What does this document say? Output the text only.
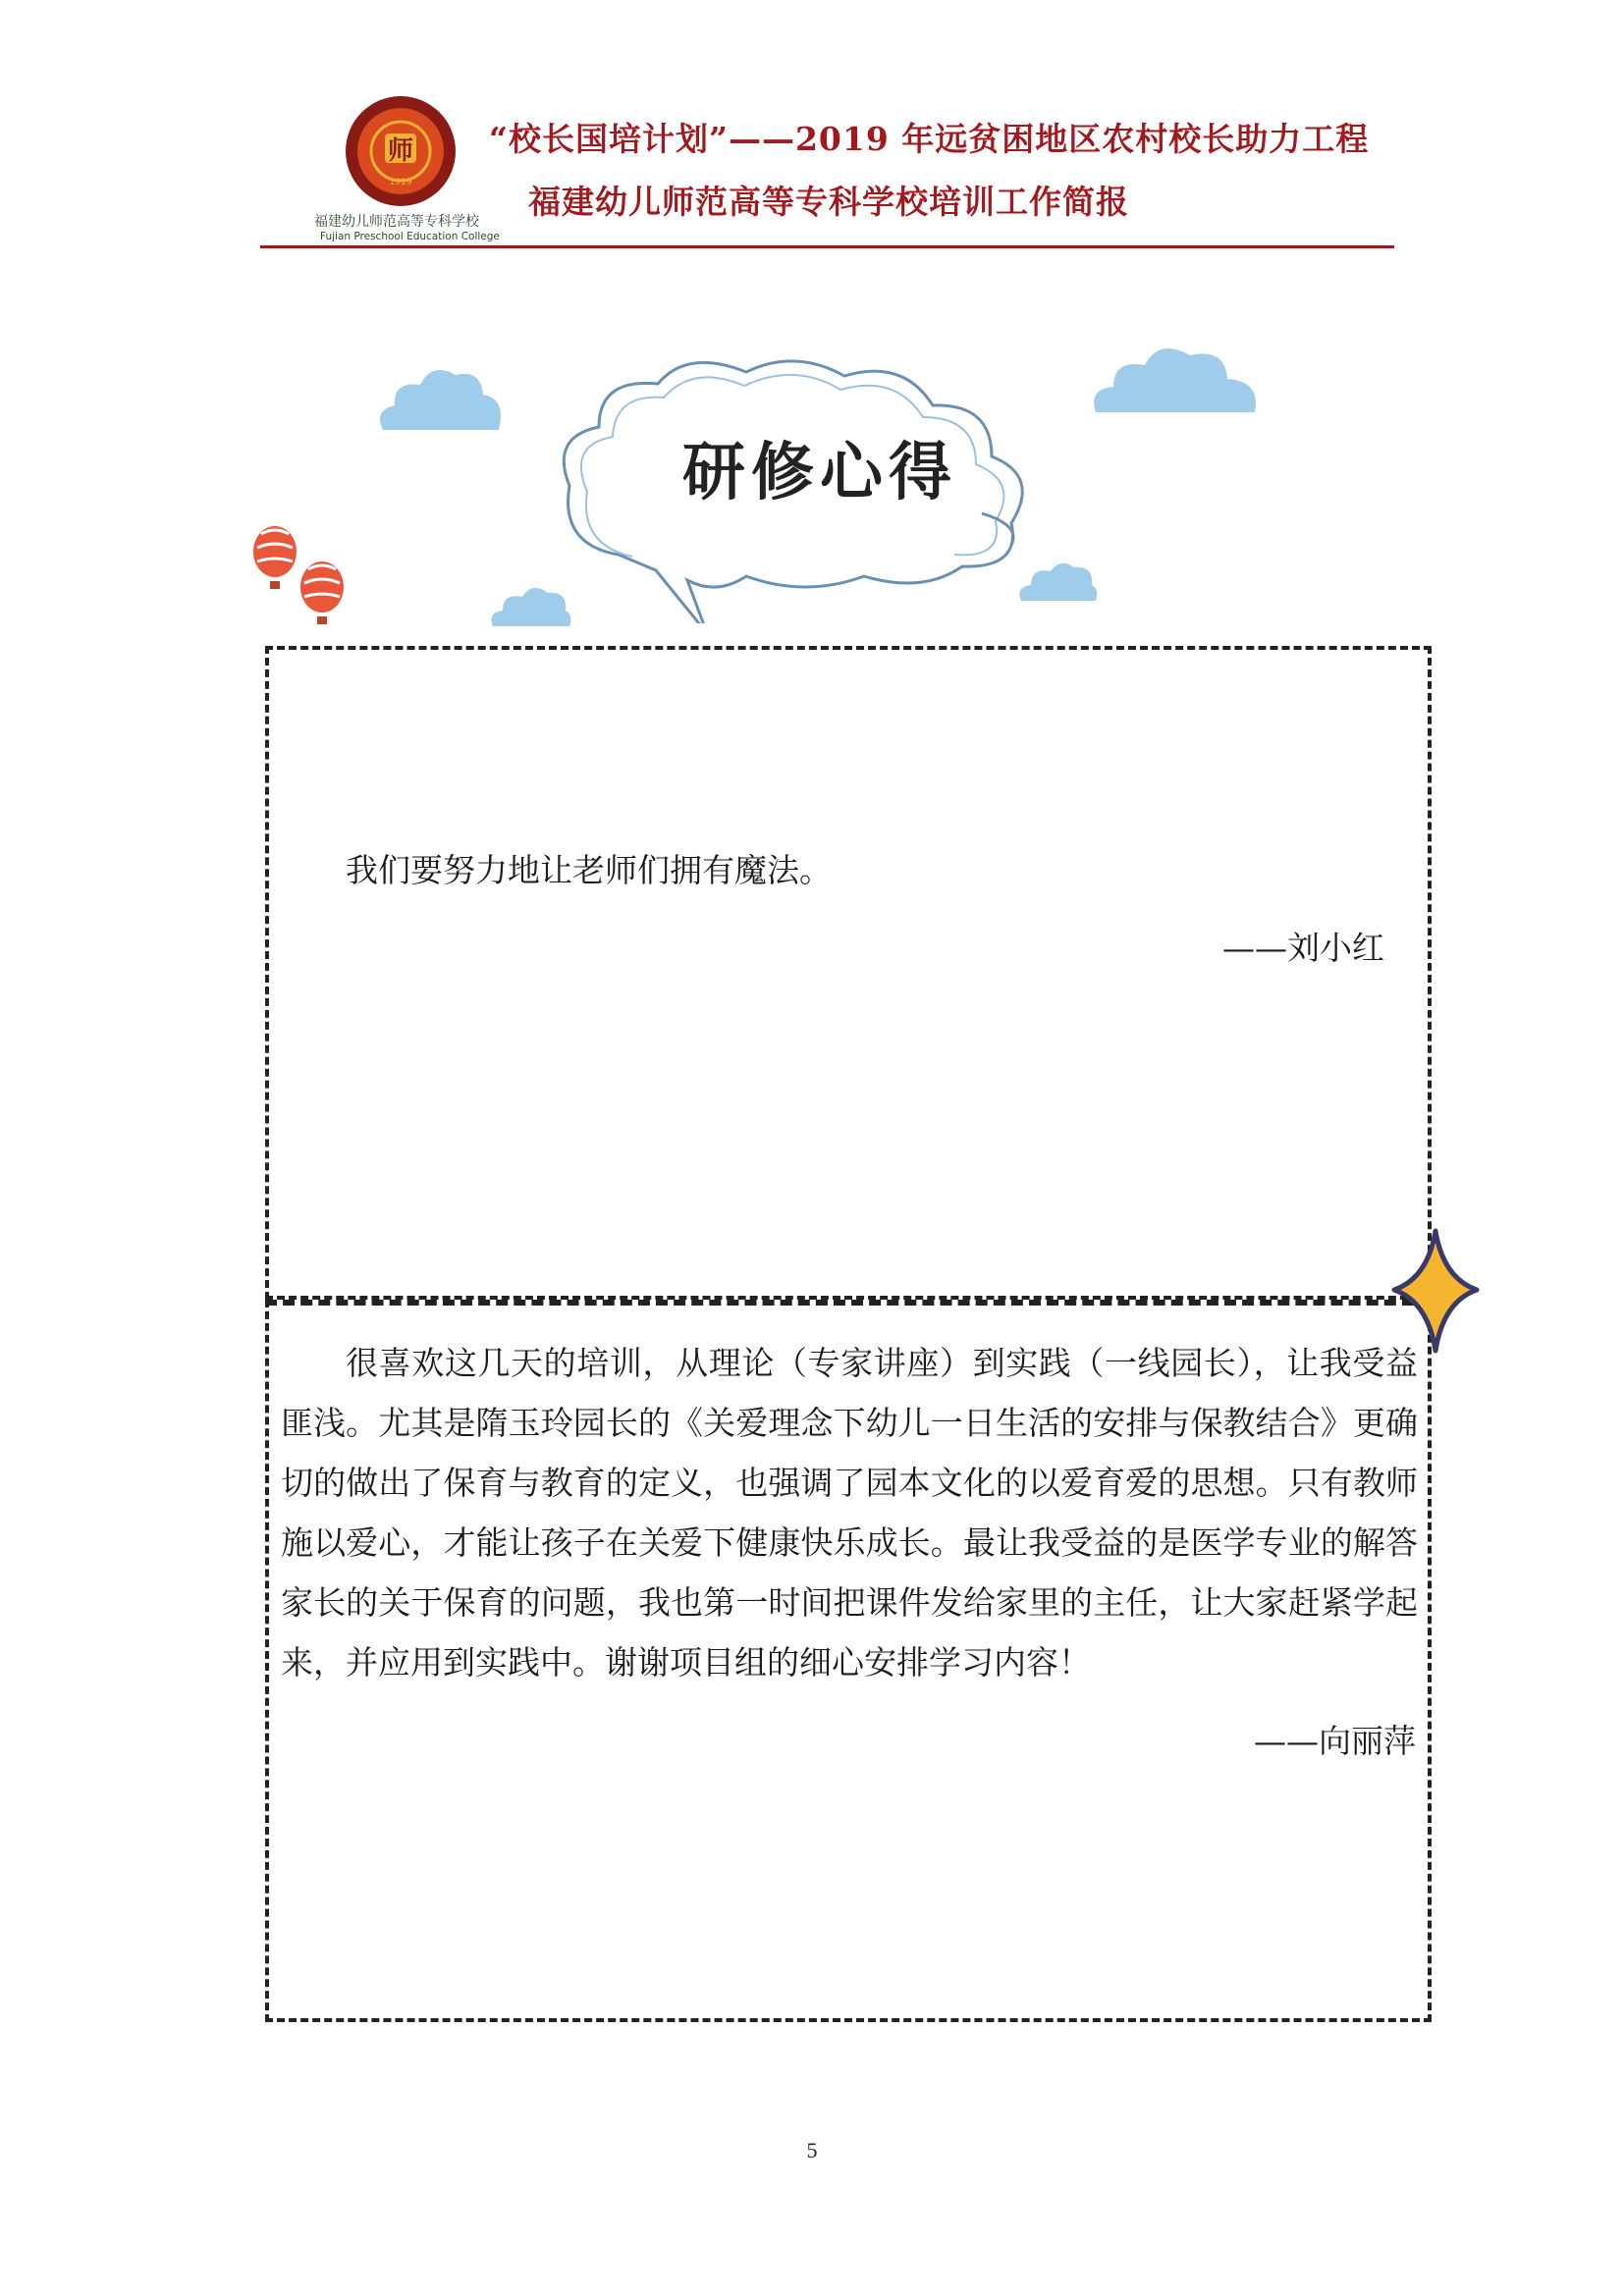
师
1919
福建幼儿师范高等专科学校
Fujian Preschool Education College
“校长国培计划”——2019 年远贫困地区农村校长助力工程
福建幼儿师范高等专科学校培训工作简报
研修心得
我们要努力地让老师们拥有魔法。
——刘小红
很喜欢这几天的培训，从理论（专家讲座）到实践（一线园长），让我受益匪浅。尤其是隋玉玲园长的《关爱理念下幼儿一日生活的安排与保教结合》更确切的做出了保育与教育的定义，也强调了园本文化的以爱育爱的思想。只有教师施以爱心，才能让孩子在关爱下健康快乐成长。最让我受益的是医学专业的解答家长的关于保育的问题，我也第一时间把课件发给家里的主任，让大家赶紧学起来，并应用到实践中。谢谢项目组的细心安排学习内容！
——向丽萍
5
